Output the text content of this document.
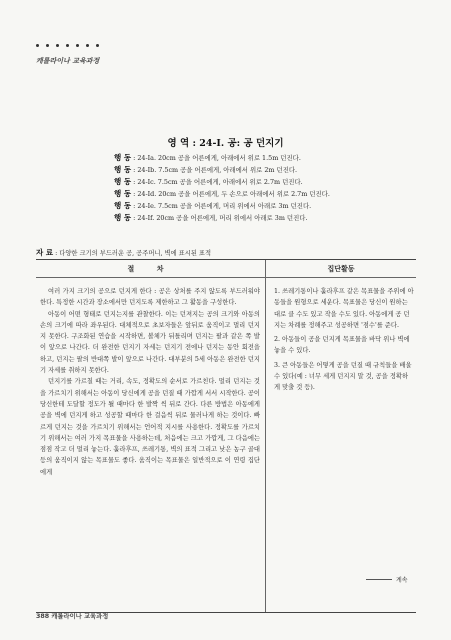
캐롤라이나 교육과정
영 역 : 24-I. 공: 공 던지기
행 동 : 24-Ia. 20cm 공을 어른에게, 아래에서 위로 1.5m 던진다.
행 동 : 24-Ib. 7.5cm 공을 어른에게, 아래에서 위로 2m 던진다.
행 동 : 24-Ic. 7.5cm 공을 어른에게, 아래에서 위로 2.7m 던진다.
행 동 : 24-Id. 20cm 공을 어른에게, 두 손으로 아래에서 위로 2.7m 던진다.
행 동 : 24-Ie. 7.5cm 공을 어른에게, 머리 위에서 아래로 3m 던진다.
행 동 : 24-If. 20cm 공을 어른에게, 머리 위에서 아래로 3m 던진다.
자 료 : 다양한 크기의 부드러운 공, 공주머니, 벽에 표시된 표적
절 차	집단활동

여러 가지 크기의 공으로 던지게 한다 : 공은 상처를 주지 않도록 부드러워야 한다. 특정한 시간과 장소에서만 던지도록 제한하고 그 활동을 구성한다.

아동이 어떤 형태로 던지는지를 관찰한다. 이는 던져지는 공의 크기와 아동의 손의 크기에 따라 좌우된다. 대체적으로 초보자들은 앞뒤로 움직이고 멀리 던지지 못한다. 구조화된 연습을 시작하면, 볼체가 뒤틀리며 던지는 팔과 같은 쪽 발이 앞으로 나간다. 더 완전한 던지기 자세는 던지기 전에나 던지는 동안 회전을 하고, 던지는 팔의 반대쪽 발이 앞으로 나간다. 대부분의 5세 아동은 완전한 던지기 자세를 취하지 못한다.

던지기를 가르칠 때는 거리, 속도, 정확도의 순서로 가르친다. 멀리 던지는 것을 가르치기 위해서는 아동이 당신에게 공을 던질 때 가깝게 서서 시작한다. 공이 당신한테 도달할 정도가 될 때마다 한 발짝 씩 뒤로 간다. 다른 방법은 아동에게 공을 벽에 던지게 하고 성공할 때마다 한 걸음씩 뒤로 물러나게 하는 것이다. 빠르게 던지는 것을 가르치기 위해서는 언어적 지시를 사용한다. 정확도를 가르치기 위해서는 여러 가지 목표물을 사용하는데, 처음에는 크고 가깝게, 그 다음에는 점점 작고 더 멀리 놓는다. 훌라후프, 쓰레기통, 벽의 표적 그리고 낮은 농구 골대 등의 움직이지 않는 목표물도 좋다. 움직이는 목표물은 일반적으로 이 연령 집단에게

1. 쓰레기통이나 훌라후프 같은 목표물을 주위에 아동들을 원형으로 세운다. 목표물은 당신이 원하는 대로 클 수도 있고 작을 수도 있다. 아동에게 공 던지는 차례를 정해주고 성공하면 '점수'를 준다.

2. 아동들이 공을 던지게 목표물을 바닥 위나 벽에 놓을 수 있다.

3. 큰 아동들은 어떻게 공을 던질 때 규칙들을 배울 수 있다(예 : 너무 세게 던지지 말 것, 공을 정확하게 맞출 것 등).

계속
388 캐롤라이나 교육과정
